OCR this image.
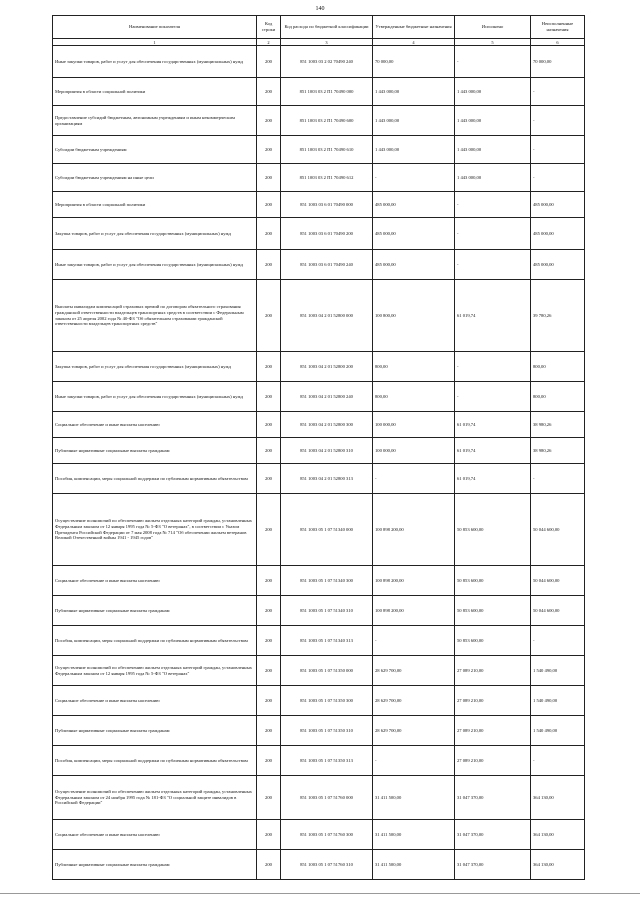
140
Наименование показателя	Код строки	Код расхода по бюджетной классификации	Утвержденные бюджетные назначения	Исполнено	Неисполненные назначения
1	2	3	4	5	6
Иные закупки товаров, работ и услуг для обеспечения государственных (муниципальных) нужд	200	851 1003 03 2 02 70490 240	70 000,00	-	70 000,00
Мероприятия в области социальной политики	200	851 1003 03 2 П1 70490 000	1 443 000,00	1 443 000,00	-
Предоставление субсидий бюджетным, автономным учреждениям и иным некоммерческим организациям	200	851 1003 03 2 П1 70490 600	1 443 000,00	1 443 000,00	-
Субсидии бюджетным учреждениям	200	851 1003 03 2 П1 70490 610	1 443 000,00	1 443 000,00	-
Субсидии бюджетным учреждениям на иные цели	200	851 1003 03 2 П1 70490 612	-	1 443 000,00	-
Мероприятия в области социальной политики	200	851 1003 03 6 01 70490 000	485 000,00	-	485 000,00
Закупка товаров, работ и услуг для обеспечения государственных (муниципальных) нужд	200	851 1003 03 6 01 70490 200	485 000,00	-	485 000,00
Иные закупки товаров, работ и услуг для обеспечения государственных (муниципальных) нужд	200	851 1003 03 6 01 70490 240	485 000,00	-	485 000,00
Выплаты инвалидам компенсаций страховых премий по договорам обязательного страхования гражданской ответственности владельцев транспортных средств в соответствии с Федеральным законом от 25 апреля 2002 года № 40-ФЗ "Об обязательном страховании гражданской ответственности владельцев транспортных средств"	200	851 1003 04 2 01 52800 000	100 800,00	61 019,74	39 780,26
Закупка товаров, работ и услуг для обеспечения государственных (муниципальных) нужд	200	851 1003 04 2 01 52800 200	800,00	-	800,00
Иные закупки товаров, работ и услуг для обеспечения государственных (муниципальных) нужд	200	851 1003 04 2 01 52800 240	800,00	-	800,00
Социальное обеспечение и иные выплаты населению	200	851 1003 04 2 01 52800 300	100 000,00	61 019,74	38 980,26
Публичные нормативные социальные выплаты гражданам	200	851 1003 04 2 01 52800 310	100 000,00	61 019,74	38 980,26
Пособия, компенсации, меры социальной поддержки по публичным нормативным обязательствам	200	851 1003 04 2 01 52800 313	-	61 019,74	-
Осуществление полномочий по обеспечению жильем отдельных категорий граждан, установленных Федеральным законом от 12 января 1995 года № 5-ФЗ "О ветеранах", в соответствии с Указом Президента Российской Федерации от 7 мая 2008 года № 714 "Об обеспечении жильем ветеранов Великой Отечественной войны 1941 - 1945 годов"	200	851 1003 05 1 07 51340 000	100 898 200,00	50 853 600,00	50 044 600,00
Социальное обеспечение и иные выплаты населению	200	851 1003 05 1 07 51340 300	100 898 200,00	50 853 600,00	50 044 600,00
Публичные нормативные социальные выплаты гражданам	200	851 1003 05 1 07 51340 310	100 898 200,00	50 853 600,00	50 044 600,00
Пособия, компенсации, меры социальной поддержки по публичным нормативным обязательствам	200	851 1003 05 1 07 51340 313	-	50 853 600,00	-
Осуществление полномочий по обеспечению жильем отдельных категорий граждан, установленных Федеральным законом от 12 января 1995 года № 5-ФЗ "О ветеранах"	200	851 1003 05 1 07 51350 000	28 629 700,00	27 089 210,00	1 540 490,00
Социальное обеспечение и иные выплаты населению	200	851 1003 05 1 07 51350 300	28 629 700,00	27 089 210,00	1 540 490,00
Публичные нормативные социальные выплаты гражданам	200	851 1003 05 1 07 51350 310	28 629 700,00	27 089 210,00	1 540 490,00
Пособия, компенсации, меры социальной поддержки по публичным нормативным обязательствам	200	851 1003 05 1 07 51350 313	-	27 089 210,00	-
Осуществление полномочий по обеспечению жильем отдельных категорий граждан, установленных Федеральным законом от 24 ноября 1995 года № 181-ФЗ "О социальной защите инвалидов в Российской Федерации"	200	851 1003 05 1 07 51760 000	31 411 500,00	31 047 370,00	364 130,00
Социальное обеспечение и иные выплаты населению	200	851 1003 05 1 07 51760 300	31 411 500,00	31 047 370,00	364 130,00
Публичные нормативные социальные выплаты гражданам	200	851 1003 05 1 07 51760 310	31 411 500,00	31 047 370,00	364 130,00
